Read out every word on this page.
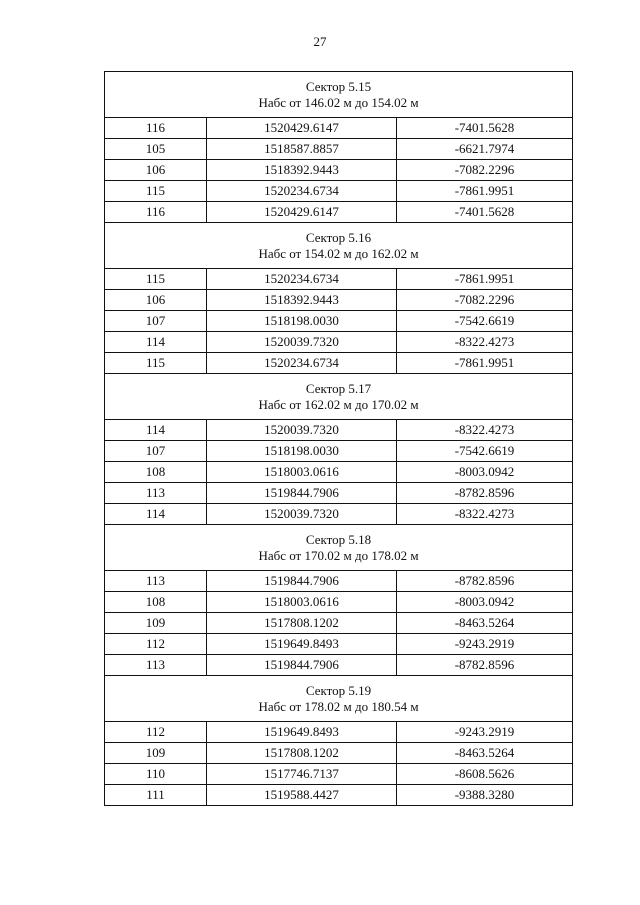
27
Сектор 5.15
Набс от 146.02 м до 154.02 м		

116	1520429.6147	-7401.5628
105	1518587.8857	-6621.7974
106	1518392.9443	-7082.2296
115	1520234.6734	-7861.9951
116	1520429.6147	-7401.5628

Сектор 5.16
Набс от 154.02 м до 162.02 м		

115	1520234.6734	-7861.9951
106	1518392.9443	-7082.2296
107	1518198.0030	-7542.6619
114	1520039.7320	-8322.4273
115	1520234.6734	-7861.9951

Сектор 5.17
Набс от 162.02 м до 170.02 м		

114	1520039.7320	-8322.4273
107	1518198.0030	-7542.6619
108	1518003.0616	-8003.0942
113	1519844.7906	-8782.8596
114	1520039.7320	-8322.4273

Сектор 5.18
Набс от 170.02 м до 178.02 м		

113	1519844.7906	-8782.8596
108	1518003.0616	-8003.0942
109	1517808.1202	-8463.5264
112	1519649.8493	-9243.2919
113	1519844.7906	-8782.8596

Сектор 5.19
Набс от 178.02 м до 180.54 м		

112	1519649.8493	-9243.2919
109	1517808.1202	-8463.5264
110	1517746.7137	-8608.5626
111	1519588.4427	-9388.3280
